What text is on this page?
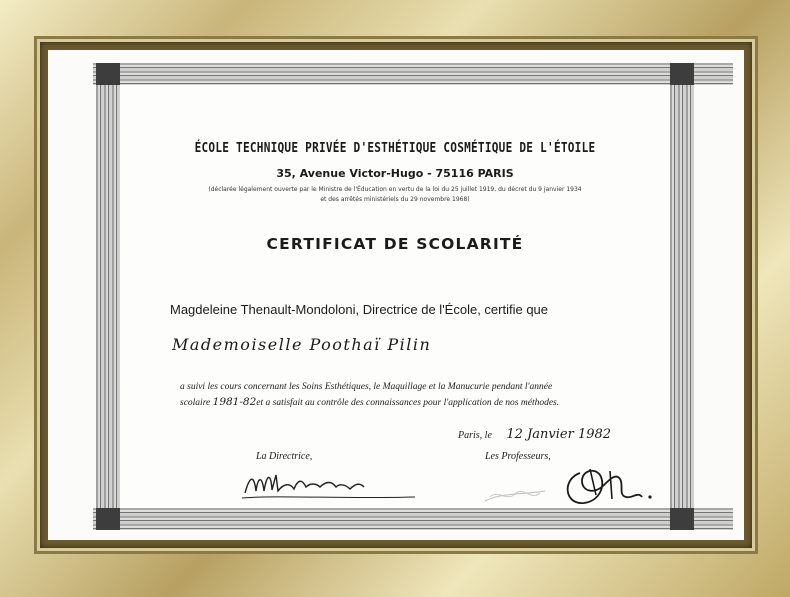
ÉCOLE TECHNIQUE PRIVÉE D'ESTHÉTIQUE COSMÉTIQUE DE L'ÉTOILE
35, Avenue Victor-Hugo - 75116 PARIS
(déclarée légalement ouverte par le Ministre de l'Éducation en vertu de la loi du 25 juillet 1919, du décret du 9 janvier 1934
et des arrêtés ministériels du 29 novembre 1968)
CERTIFICAT DE SCOLARITÉ
Magdeleine Thenault-Mondoloni, Directrice de l'École, certifie que
Mademoiselle Poothaï Pilin
a suivi les cours concernant les Soins Esthétiques, le Maquillage et la Manucurie pendant l'année
scolaire 1981-82et a satisfait au contrôle des connaissances pour l'application de nos méthodes.
Paris, le 12 Janvier 1982
La Directrice,	Les Professeurs,
